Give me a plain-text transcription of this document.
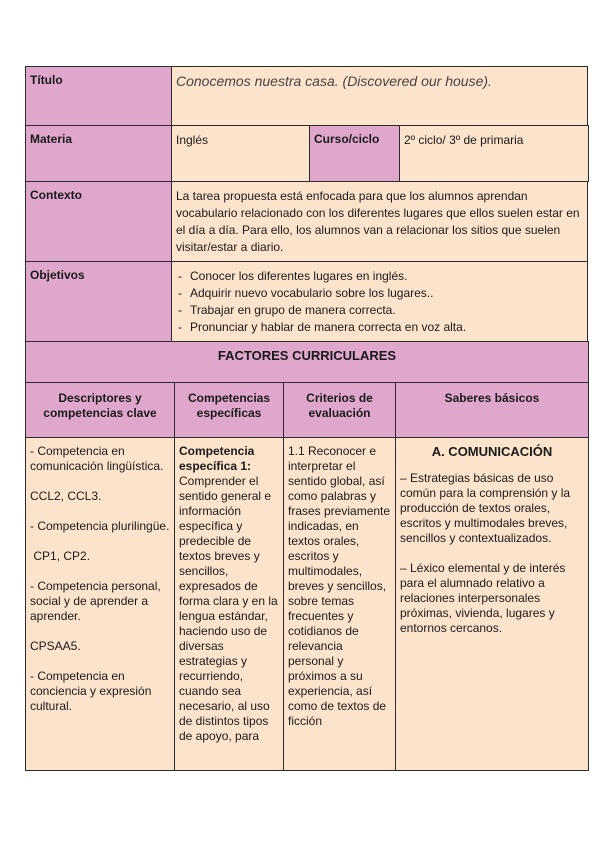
Título	Conocemos nuestra casa. (Discovered our house).
Materia	Inglés	Curso/ciclo	2º ciclo/ 3º de primaria
Contexto	La tarea propuesta está enfocada para que los alumnos aprendan vocabulario relacionado con los diferentes lugares que ellos suelen estar en el día a día. Para ello, los alumnos van a relacionar los sitios que suelen visitar/estar a diario.
Objetivos
-	Conocer los diferentes lugares en inglés.
- Adquirir nuevo vocabulario sobre los lugares..
- Trabajar en grupo de manera correcta.
- Pronunciar y hablar de manera correcta en voz alta.
FACTORES CURRICULARES
Descriptores y competencias clave
Competencias específicas
Criterios de evaluación
Saberes básicos

- Competencia en comunicación lingüística.

CCL2, CCL3.

- Competencia plurilingüe.

CP1, CP2.

- Competencia personal, social y de aprender a aprender.

CPSAA5.

- Competencia en conciencia y expresión cultural.

Competencia específica 1:
Comprender el sentido general e información específica y predecible de textos breves y sencillos, expresados de forma clara y en la lengua estándar, haciendo uso de diversas estrategias y recurriendo, cuando sea necesario, al uso de distintos tipos de apoyo, para
1.1 Reconocer e interpretar el sentido global, así como palabras y frases previamente indicadas, en textos orales, escritos y multimodales, breves y sencillos, sobre temas frecuentes y cotidianos de relevancia personal y próximos a su experiencia, así como de textos de ficción
A. COMUNICACIÓN

– Estrategias básicas de uso común para la comprensión y la producción de textos orales, escritos y multimodales breves, sencillos y contextualizados.

– Léxico elemental y de interés para el alumnado relativo a relaciones interpersonales próximas, vivienda, lugares y entornos cercanos.
